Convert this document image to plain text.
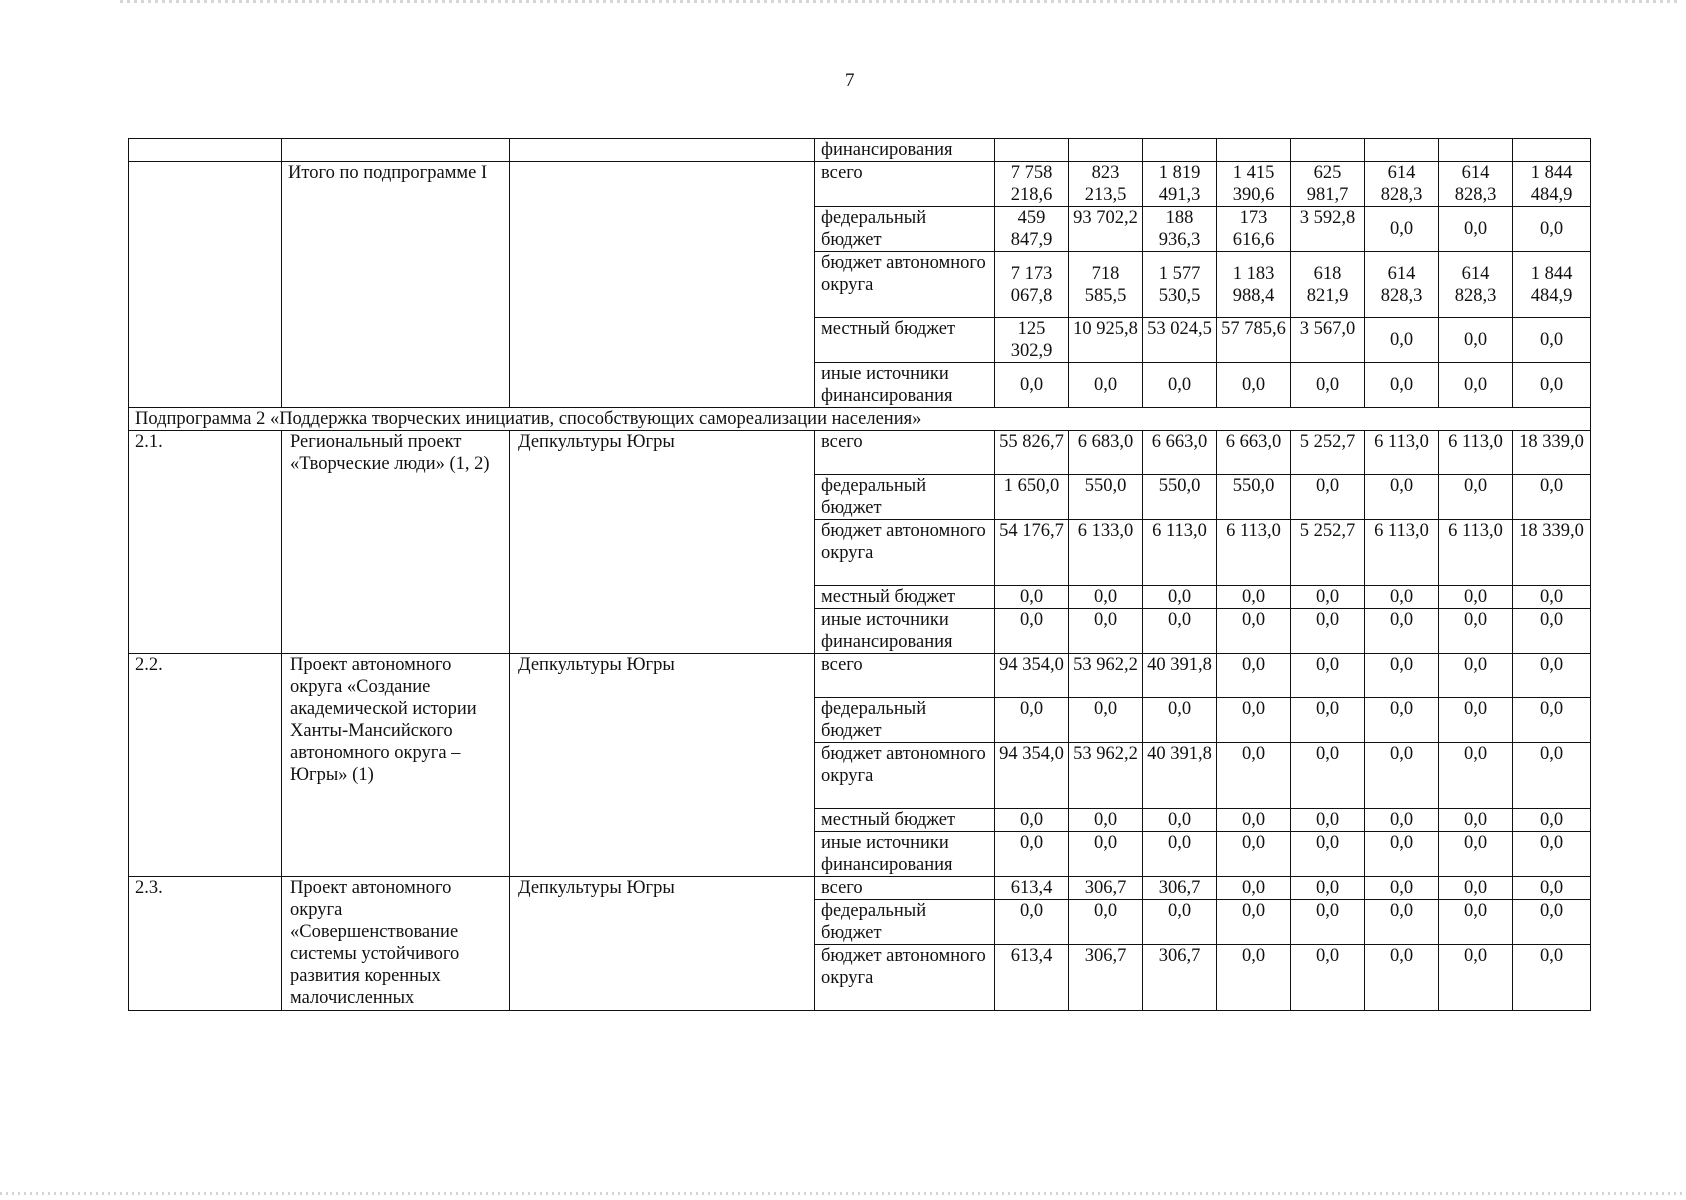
7
			финансирования								
	Итого по подпрограмме I		всего	7 758 218,6	823 213,5	1 819 491,3	1 415 390,6	625 981,7	614 828,3	614 828,3	1 844 484,9
			федеральный бюджет	459 847,9	93 702,2	188 936,3	173 616,6	3 592,8	0,0	0,0	0,0
			бюджет автономного округа	7 173 067,8	718 585,5	1 577 530,5	1 183 988,4	618 821,9	614 828,3	614 828,3	1 844 484,9
			местный бюджет	125 302,9	10 925,8	53 024,5	57 785,6	3 567,0	0,0	0,0	0,0
			иные источники финансирования	0,0	0,0	0,0	0,0	0,0	0,0	0,0	0,0
Подпрограмма 2 «Поддержка творческих инициатив, способствующих самореализации населения»											
2.1.	Региональный проект «Творческие люди» (1, 2)	Депкультуры Югры	всего	55 826,7	6 683,0	6 663,0	6 663,0	5 252,7	6 113,0	6 113,0	18 339,0
			федеральный бюджет	1 650,0	550,0	550,0	550,0	0,0	0,0	0,0	0,0
			бюджет автономного округа	54 176,7	6 133,0	6 113,0	6 113,0	5 252,7	6 113,0	6 113,0	18 339,0
			местный бюджет	0,0	0,0	0,0	0,0	0,0	0,0	0,0	0,0
			иные источники финансирования	0,0	0,0	0,0	0,0	0,0	0,0	0,0	0,0
2.2.	Проект автономного округа «Создание академической истории Ханты-Мансийского автономного округа – Югры» (1)	Депкультуры Югры	всего	94 354,0	53 962,2	40 391,8	0,0	0,0	0,0	0,0	0,0
			федеральный бюджет	0,0	0,0	0,0	0,0	0,0	0,0	0,0	0,0
			бюджет автономного округа	94 354,0	53 962,2	40 391,8	0,0	0,0	0,0	0,0	0,0
			местный бюджет	0,0	0,0	0,0	0,0	0,0	0,0	0,0	0,0
			иные источники финансирования	0,0	0,0	0,0	0,0	0,0	0,0	0,0	0,0
2.3.	Проект автономного округа «Совершенствование системы устойчивого развития коренных малочисленных	Депкультуры Югры	всего	613,4	306,7	306,7	0,0	0,0	0,0	0,0	0,0
			федеральный бюджет	0,0	0,0	0,0	0,0	0,0	0,0	0,0	0,0
			бюджет автономного округа	613,4	306,7	306,7	0,0	0,0	0,0	0,0	0,0
